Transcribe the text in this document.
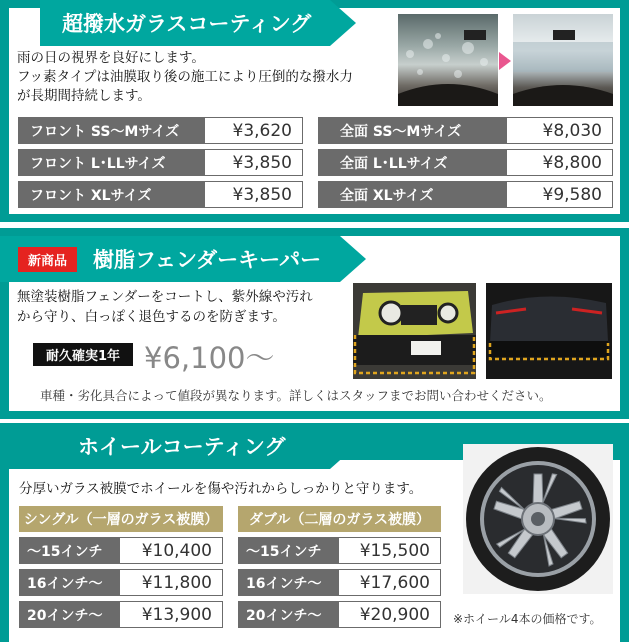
超撥水ガラスコーティング
雨の日の視界を良好にします。
フッ素タイプは油膜取り後の施工により圧倒的な撥水力
が長期間持続します。
フロント SS〜Mサイズ	¥3,620
フロント L･LLサイズ	¥3,850
フロント XLサイズ	¥3,850
全面 SS〜Mサイズ	¥8,030
全面 L･LLサイズ	¥8,800
全面 XLサイズ	¥9,580
新商品	樹脂フェンダーキーパー
無塗装樹脂フェンダーをコートし、紫外線や汚れ
から守り、白っぽく退色するのを防ぎます。
耐久確実1年 ¥6,100〜
車種・劣化具合によって値段が異なります。詳しくはスタッフまでお問い合わせください。
ホイールコーティング
分厚いガラス被膜でホイールを傷や汚れからしっかりと守ります。
シングル（一層のガラス被膜）	ダブル（二層のガラス被膜）
〜15インチ	¥10,400
16インチ〜	¥11,800
20インチ〜	¥13,900
〜15インチ	¥15,500
16インチ〜	¥17,600
20インチ〜	¥20,900	※ホイール4本の価格です。
